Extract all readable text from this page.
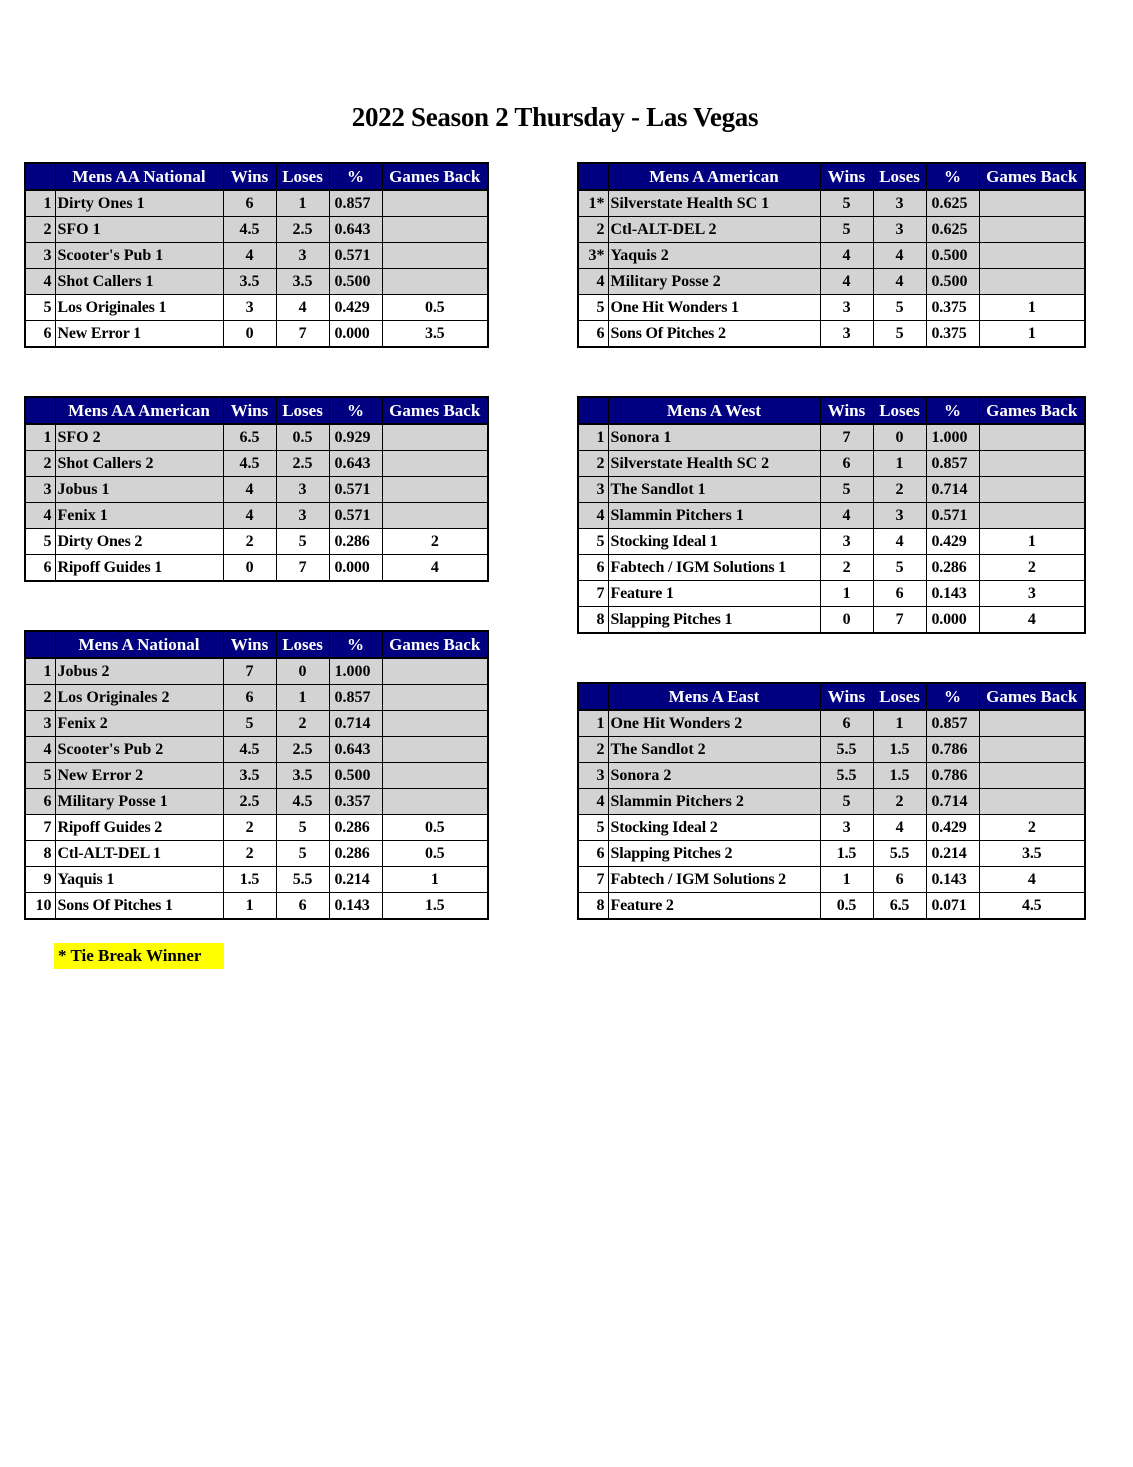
2022 Season 2 Thursday - Las Vegas
	Mens AA National	Wins	Loses	%	Games Back
1	Dirty Ones 1	6	1	0.857	
2	SFO 1	4.5	2.5	0.643	
3	Scooter's Pub 1	4	3	0.571	
4	Shot Callers 1	3.5	3.5	0.500	
5	Los Originales 1	3	4	0.429	0.5
6	New Error 1	0	7	0.000	3.5
	Mens AA American	Wins	Loses	%	Games Back
1	SFO 2	6.5	0.5	0.929	
2	Shot Callers 2	4.5	2.5	0.643	
3	Jobus 1	4	3	0.571	
4	Fenix 1	4	3	0.571	
5	Dirty Ones 2	2	5	0.286	2
6	Ripoff Guides 1	0	7	0.000	4
	Mens A National	Wins	Loses	%	Games Back
1	Jobus 2	7	0	1.000	
2	Los Originales 2	6	1	0.857	
3	Fenix 2	5	2	0.714	
4	Scooter's Pub 2	4.5	2.5	0.643	
5	New Error 2	3.5	3.5	0.500	
6	Military Posse 1	2.5	4.5	0.357	
7	Ripoff Guides 2	2	5	0.286	0.5
8	Ctl-ALT-DEL 1	2	5	0.286	0.5
9	Yaquis 1	1.5	5.5	0.214	1
10	Sons Of Pitches 1	1	6	0.143	1.5
	Mens A American	Wins	Loses	%	Games Back
1*	Silverstate Health SC 1	5	3	0.625	
2	Ctl-ALT-DEL 2	5	3	0.625	
3*	Yaquis 2	4	4	0.500	
4	Military Posse 2	4	4	0.500	
5	One Hit Wonders 1	3	5	0.375	1
6	Sons Of Pitches 2	3	5	0.375	1
	Mens A West	Wins	Loses	%	Games Back
1	Sonora 1	7	0	1.000	
2	Silverstate Health SC 2	6	1	0.857	
3	The Sandlot 1	5	2	0.714	
4	Slammin Pitchers 1	4	3	0.571	
5	Stocking Ideal 1	3	4	0.429	1
6	Fabtech / IGM Solutions 1	2	5	0.286	2
7	Feature 1	1	6	0.143	3
8	Slapping Pitches 1	0	7	0.000	4
	Mens A East	Wins	Loses	%	Games Back
1	One Hit Wonders 2	6	1	0.857	
2	The Sandlot 2	5.5	1.5	0.786	
3	Sonora 2	5.5	1.5	0.786	
4	Slammin Pitchers 2	5	2	0.714	
5	Stocking Ideal 2	3	4	0.429	2
6	Slapping Pitches 2	1.5	5.5	0.214	3.5
7	Fabtech / IGM Solutions 2	1	6	0.143	4
8	Feature 2	0.5	6.5	0.071	4.5
* Tie Break Winner
